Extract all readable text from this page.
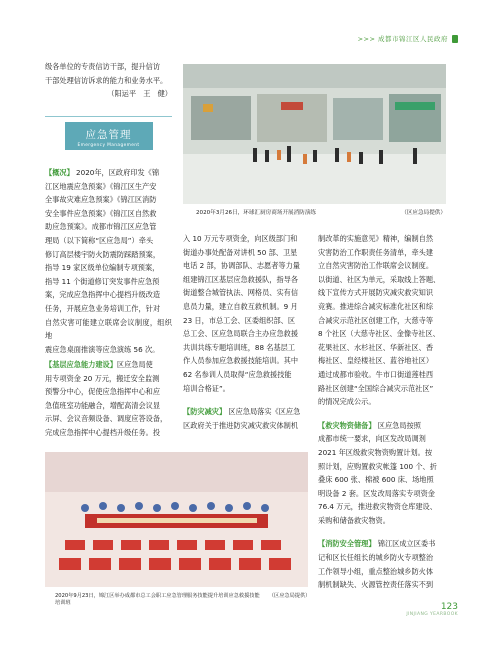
>>> 成都市锦江区人民政府

级各单位的专责信访干部，提升信访

干部处理信访诉求的能力和业务水平。

（阳运平　王　健）

应急管理
Emergency Management

【概况】 2020年，区政府印发《锦

江区地震应急预案》《锦江区生产安

全事故灾难应急预案》《锦江区消防

安全事件应急预案》《锦江区自然救

助应急预案》。成都市锦江区应急管

理局（以下简称“区应急局”）牵头

修订高层楼宇防火防震防踩踏预案，

指导 19 家区级单位编制专项预案，

指导 11 个街道修订突发事件应急预

案，完成应急指挥中心提档升级改造

任务，开展应急业务培训工作，针对

自然灾害可能建立联席会议制度，组织地

震应急桌面推演等应急演练 56 次。

【基层应急能力建设】区应急局使

用专项资金 20 万元，搬迁安全监测

预警分中心，促使应急指挥中心和应

急值班室功能融合，增配高清会议显

示屏、会议音频设备、调度应答设备，

完成应急指挥中心提档升级任务。投

2020年3月26日，环球汇厨房商场开展消防演练	（区应急局提供）

入 10 万元专项资金，向区级部门和

街道办事处配备对讲机 50 部、卫星

电话 2 部，协调部队、志愿者等力量

组建锦江区基层应急救援队，指导各

街道整合城管执法、网格员、实有信

息员力量，建立自救互救机制。9 月

23 日，市总工会、区委组织部、区

总工会、区应急局联合主办应急救援

共训共练专题培训班，88 名基层工

作人员参加应急救援技能培训。其中

62 名参训人员取得“应急救援技能

培训合格证”。

【防灾减灾】 区应急局落实《区应急

区政府关于推进防灾减灾救灾体制机

制改革的实施意见》精神，编制自然

灾害防治工作职责任务清单，牵头建

立自然灾害防治工作联席会议制度。

以街道、社区为单元，采取线上答题、

线下宣传方式开展防灾减灾救灾知识

竞赛。推进综合减灾标准化社区和综

合减灾示范社区创建工作，大慈寺等

8 个社区（大慈寺社区、金像寺社区、

花果社区、水杉社区、华新社区、香

梅社区、皇经楼社区、蓝谷地社区）

通过成都市验收。牛市口街道莲桂西

路社区创建“全国综合减灾示范社区”

的情况完成公示。

【救灾物资储备】 区应急局按照

成都市统一要求，向区发改局调剂

2021 年区级救灾物资购置计划。按

照计划，应购置救灾帐篷 100 个、折

叠床 600 张、棉被 600 床、场地照

明设备 2 套。区发改局落实专项资金

76.4 万元，推进救灾物资仓库建设、

采购和储备救灾物资。

【消防安全管理】 锦江区成立区委书

记和区长任组长的城乡防火专项整治

工作领导小组，重点整治城乡防火体

制机制缺失、火源管控责任落实不到

2020年9月23日，锦江区举办成都市总工会职工应急管理服务技能提升培训应急救援技能培训班
（区应急局提供）
123
JINJIANG YEARBOOK
